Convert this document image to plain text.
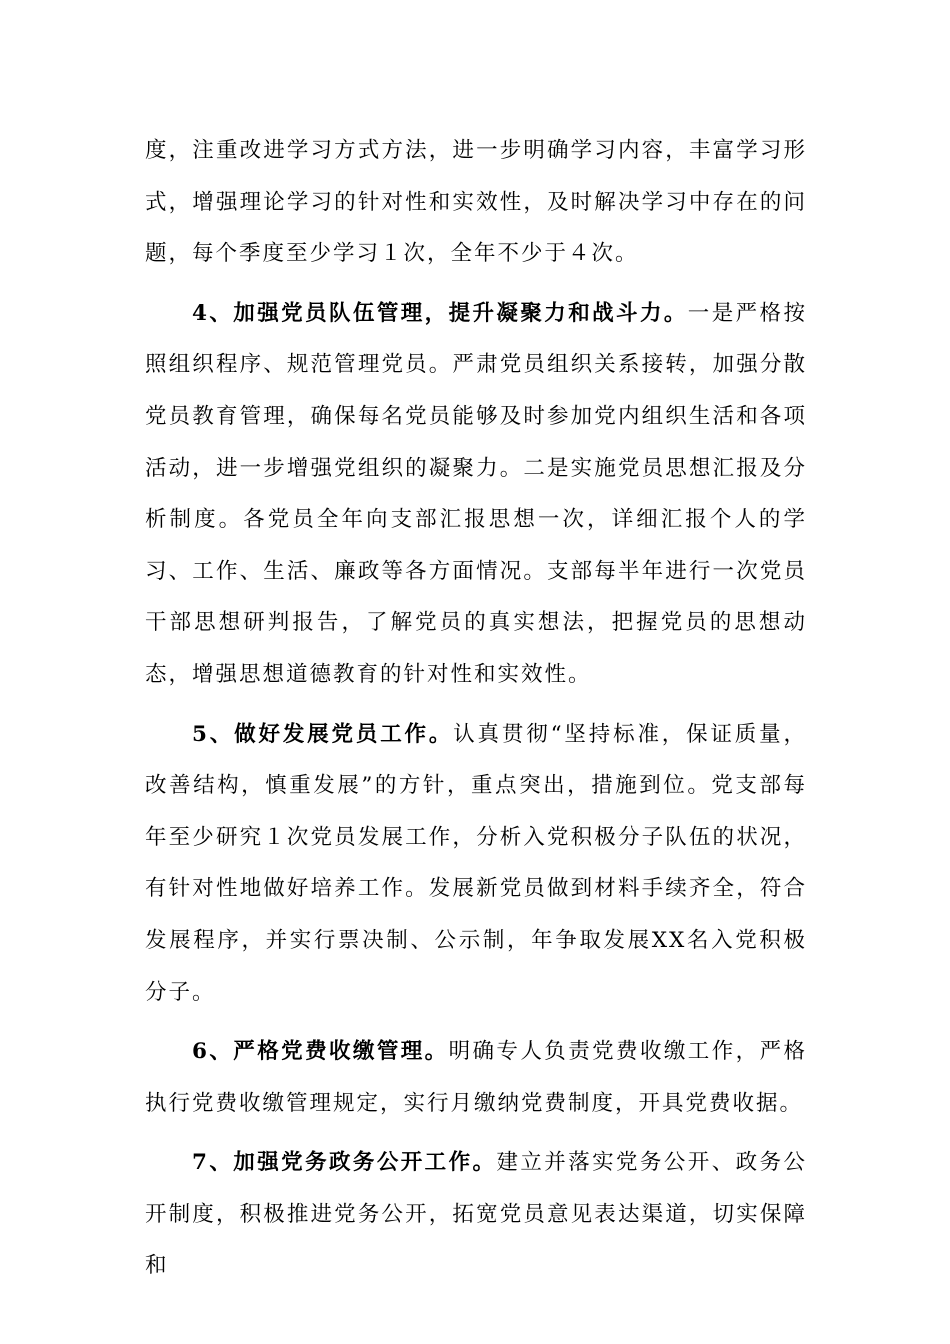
度，注重改进学习方式方法，进一步明确学习内容，丰富学习形式，增强理论学习的针对性和实效性，及时解决学习中存在的问题，每个季度至少学习１次，全年不少于４次。

4、加强党员队伍管理，提升凝聚力和战斗力。一是严格按照组织程序、规范管理党员。严肃党员组织关系接转，加强分散党员教育管理，确保每名党员能够及时参加党内组织生活和各项活动，进一步增强党组织的凝聚力。二是实施党员思想汇报及分析制度。各党员全年向支部汇报思想一次，详细汇报个人的学习、工作、生活、廉政等各方面情况。支部每半年进行一次党员干部思想研判报告，了解党员的真实想法，把握党员的思想动态，增强思想道德教育的针对性和实效性。

5、做好发展党员工作。认真贯彻“坚持标准，保证质量，改善结构，慎重发展”的方针，重点突出，措施到位。党支部每年至少研究１次党员发展工作，分析入党积极分子队伍的状况，有针对性地做好培养工作。发展新党员做到材料手续齐全，符合发展程序，并实行票决制、公示制，年争取发展XX名入党积极分子。

6、严格党费收缴管理。明确专人负责党费收缴工作，严格执行党费收缴管理规定，实行月缴纳党费制度，开具党费收据。

7、加强党务政务公开工作。建立并落实党务公开、政务公开制度，积极推进党务公开，拓宽党员意见表达渠道，切实保障和
